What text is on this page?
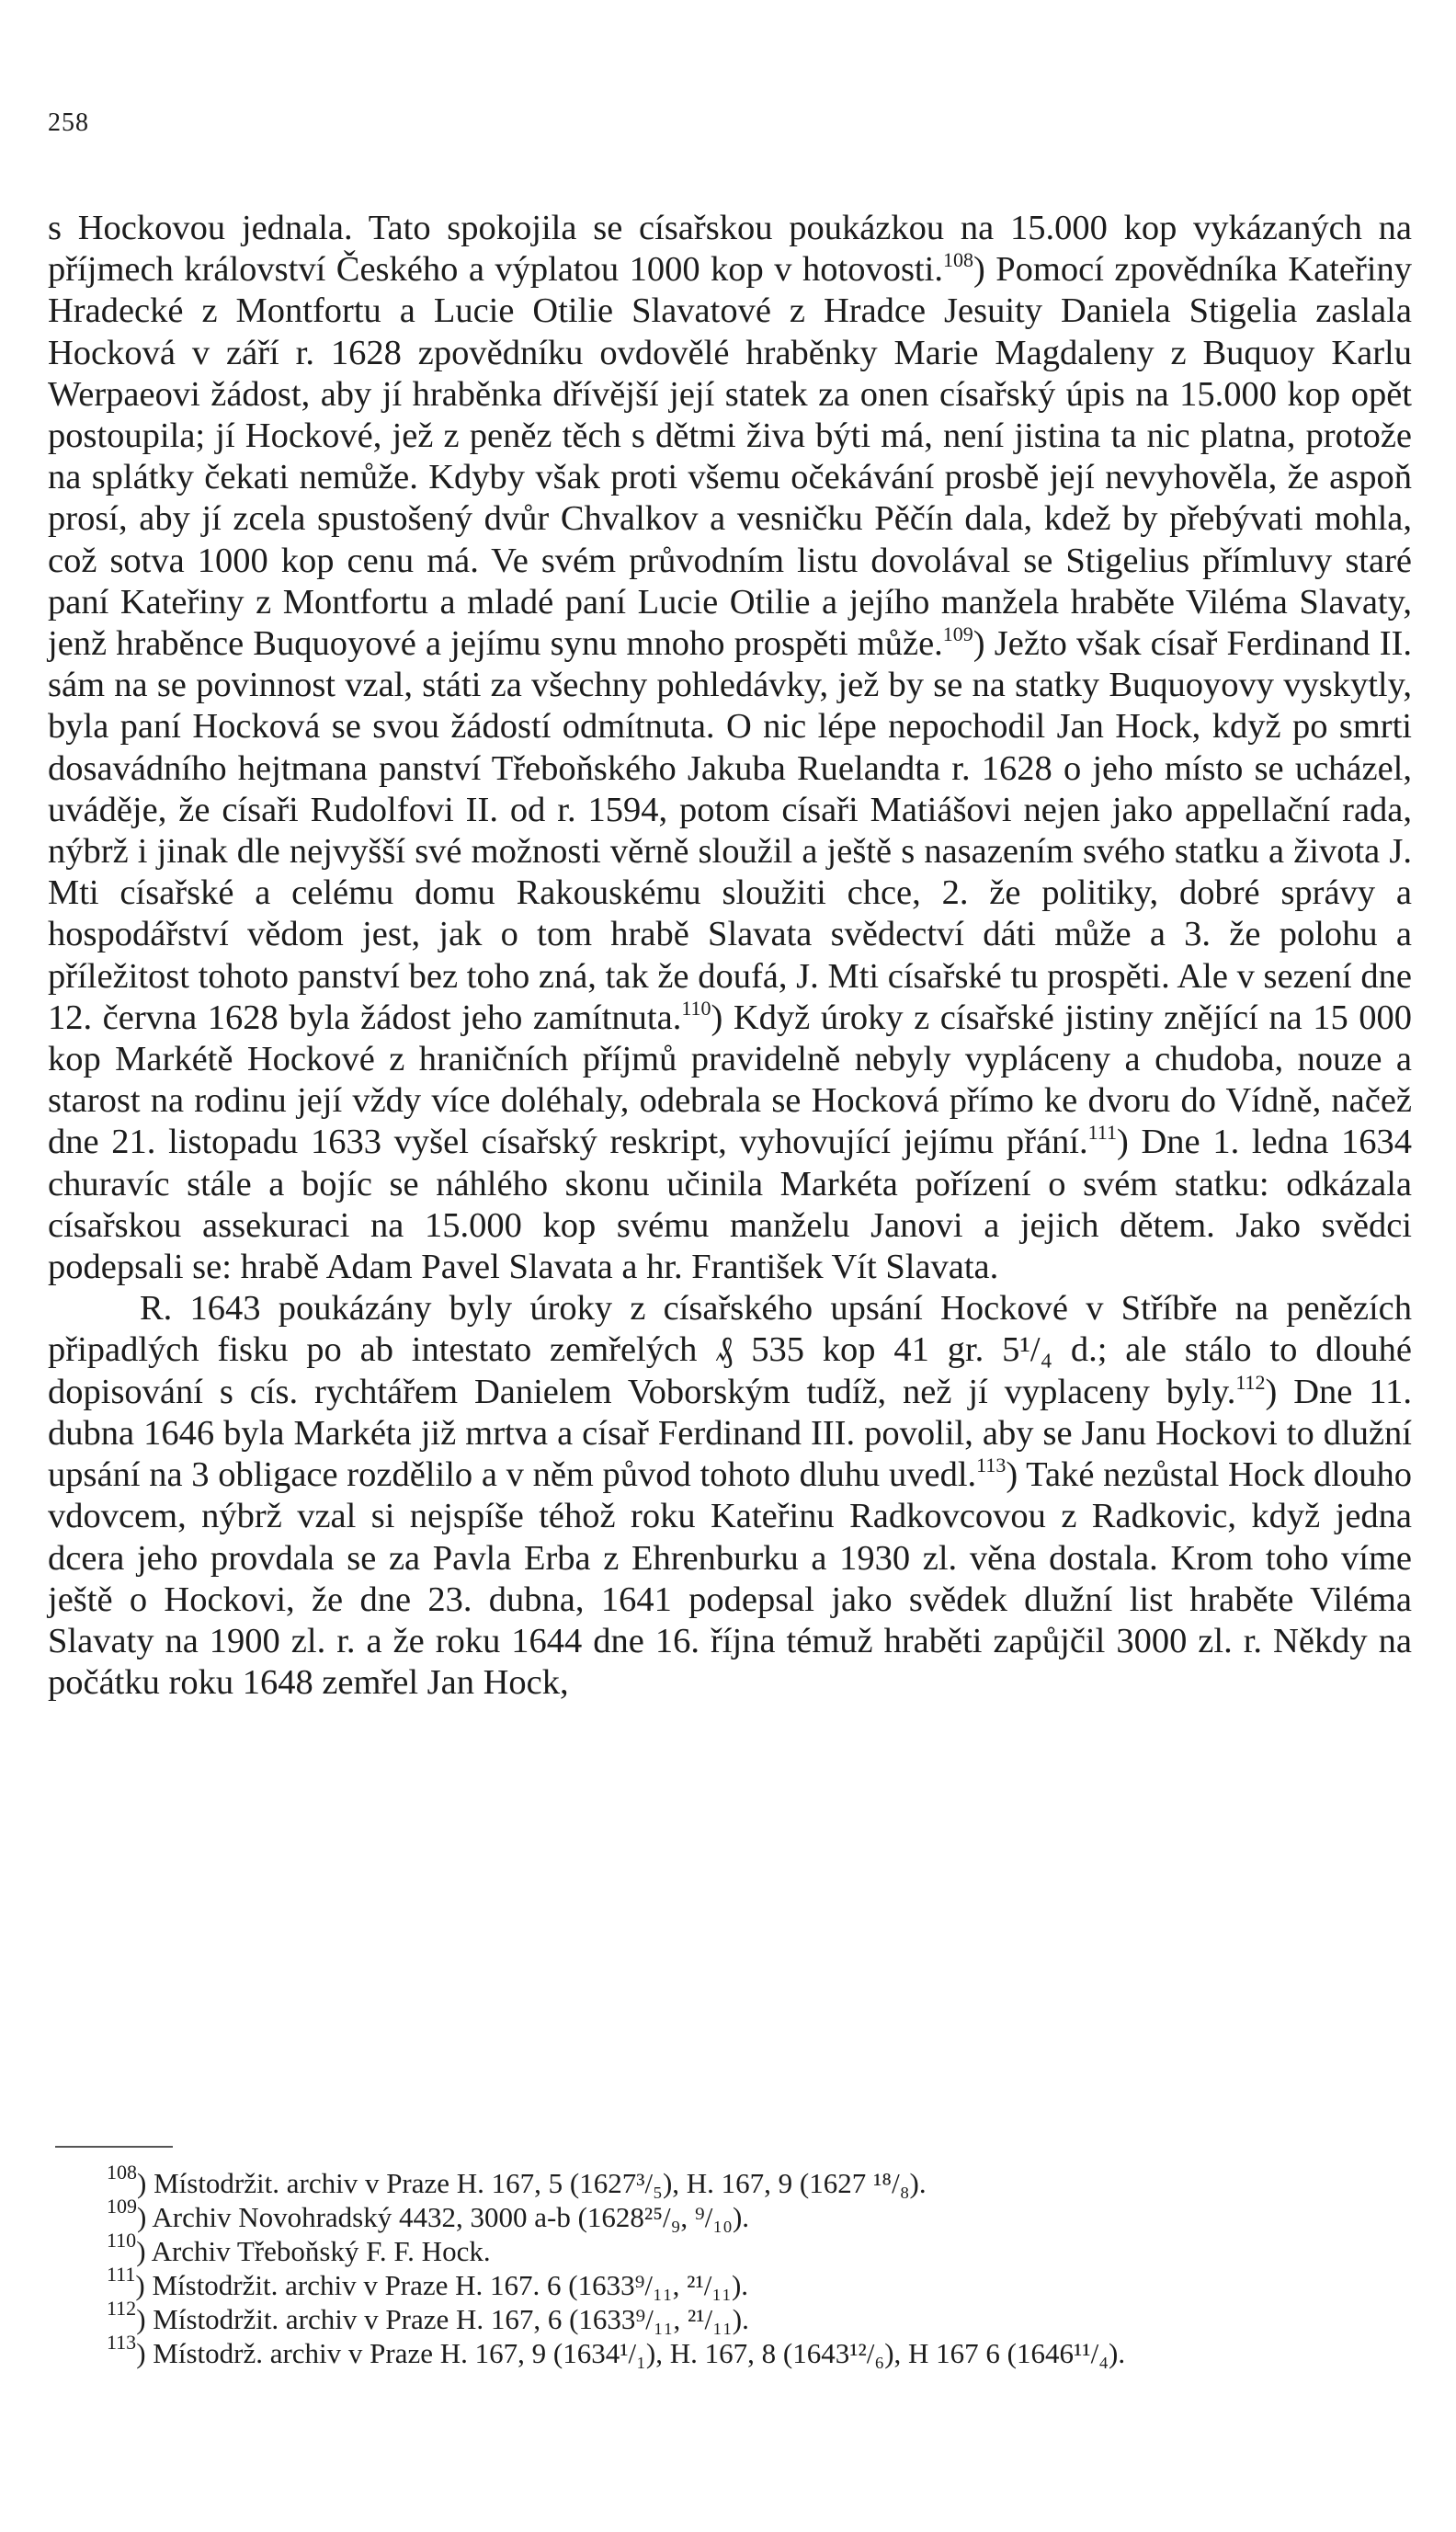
258

s Hockovou jednala. Tato spokojila se císařskou poukázkou na 15.000 kop vykázaných na příjmech království Českého a výplatou 1000 kop v hotovosti.$^{108}$) Pomocí zpovědníka Kateřiny Hradecké z Montfortu a Lucie Otilie Slavatové z Hradce Jesuity Daniela Stigelia zaslala Hocková v září r. 1628 zpovědníku ovdovělé hraběnky Marie Magdaleny z Buquoy Karlu Werpaeovi žádost, aby jí hraběnka dřívější její statek za onen císařský úpis na 15.000 kop opět postoupila; jí Hockové, jež z peněz těch s dětmi živa býti má, není jistina ta nic platna, protože na splátky čekati nemůže. Kdyby však proti všemu očekávání prosbě její nevyhověla, že aspoň prosí, aby jí zcela spustošený dvůr Chvalkov a vesničku Pěčín dala, kdež by přebývati mohla, což sotva 1000 kop cenu má. Ve svém průvodním listu dovolával se Stigelius přímluvy staré paní Kateřiny z Montfortu a mladé paní Lucie Otilie a jejího manžela hraběte Viléma Slavaty, jenž hraběnce Buquoyové a jejímu synu mnoho prospěti může.$^{109}$) Ježto však císař Ferdinand II. sám na se povinnost vzal, státi za všechny pohledávky, jež by se na statky Buquoyovy vyskytly, byla paní Hocková se svou žádostí odmítnuta. O nic lépe nepochodil Jan Hock, když po smrti dosavádního hejtmana panství Třeboňského Jakuba Ruelandta r. 1628 o jeho místo se ucházel, uváděje, že císaři Rudolfovi II. od r. 1594, potom císaři Matiášovi nejen jako appellační rada, nýbrž i jinak dle nejvyšší své možnosti věrně sloužil a ještě s nasazením svého statku a života J. Mti císařské a celému domu Rakouskému sloužiti chce, 2. že politiky, dobré správy a hospodářství vědom jest, jak o tom hrabě Slavata svědectví dáti může a 3. že polohu a příležitost tohoto panství bez toho zná, tak že doufá, J. Mti císařské tu prospěti. Ale v sezení dne 12. června 1628 byla žádost jeho zamítnuta.$^{110}$) Když úroky z císařské jistiny znějící na 15 000 kop Markétě Hockové z hraničních příjmů pravidelně nebyly vypláceny a chudoba, nouze a starost na rodinu její vždy více doléhaly, odebrala se Hocková přímo ke dvoru do Vídně, načež dne 21. listopadu 1633 vyšel císařský reskript, vyhovující jejímu přání.$^{111}$) Dne 1. ledna 1634 churavíc stále a bojíc se náhlého skonu učinila Markéta pořízení o svém statku: odkázala císařskou assekuraci na 15.000 kop svému manželu Janovi a jejich dětem. Jako svědci podepsali se: hrabě Adam Pavel Slavata a hr. František Vít Slavata.

R. 1643 poukázány byly úroky z císařského upsání Hockové v Stříbře na penězích připadlých fisku po ab intestato zemřelých ₰ 535 kop 41 gr. 5¹/₄ d.; ale stálo to dlouhé dopisování s cís. rychtářem Danielem Voborským tudíž, než jí vyplaceny byly.$^{112}$) Dne 11. dubna 1646 byla Markéta již mrtva a císař Ferdinand III. povolil, aby se Janu Hockovi to dlužní upsání na 3 obligace rozdělilo a v něm původ tohoto dluhu uvedl.$^{113}$) Také nezůstal Hock dlouho vdovcem, nýbrž vzal si nejspíše téhož roku Kateřinu Radkovcovou z Radkovic, když jedna dcera jeho provdala se za Pavla Erba z Ehrenburku a 1930 zl. věna dostala. Krom toho víme ještě o Hockovi, že dne 23. dubna, 1641 podepsal jako svědek dlužní list hraběte Viléma Slavaty na 1900 zl. r. a že roku 1644 dne 16. října témuž hraběti zapůjčil 3000 zl. r. Někdy na počátku roku 1648 zemřel Jan Hock,

$^{108}$) Místodržit. archiv v Praze H. 167, 5 (1627³/₅), H. 167, 9 (1627 ¹⁸/₈).
$^{109}$) Archiv Novohradský 4432, 3000 a-b (1628²⁵/₉, ⁹/₁₀).
$^{110}$) Archiv Třeboňský F. F. Hock.
$^{111}$) Místodržit. archiv v Praze H. 167. 6 (1633⁹/₁₁, ²¹/₁₁).
$^{112}$) Místodržit. archiv v Praze H. 167, 6 (1633⁹/₁₁, ²¹/₁₁).
$^{113}$) Místodrž. archiv v Praze H. 167, 9 (1634¹/₁), H. 167, 8 (1643¹²/₆), H 167 6 (1646¹¹/₄).
